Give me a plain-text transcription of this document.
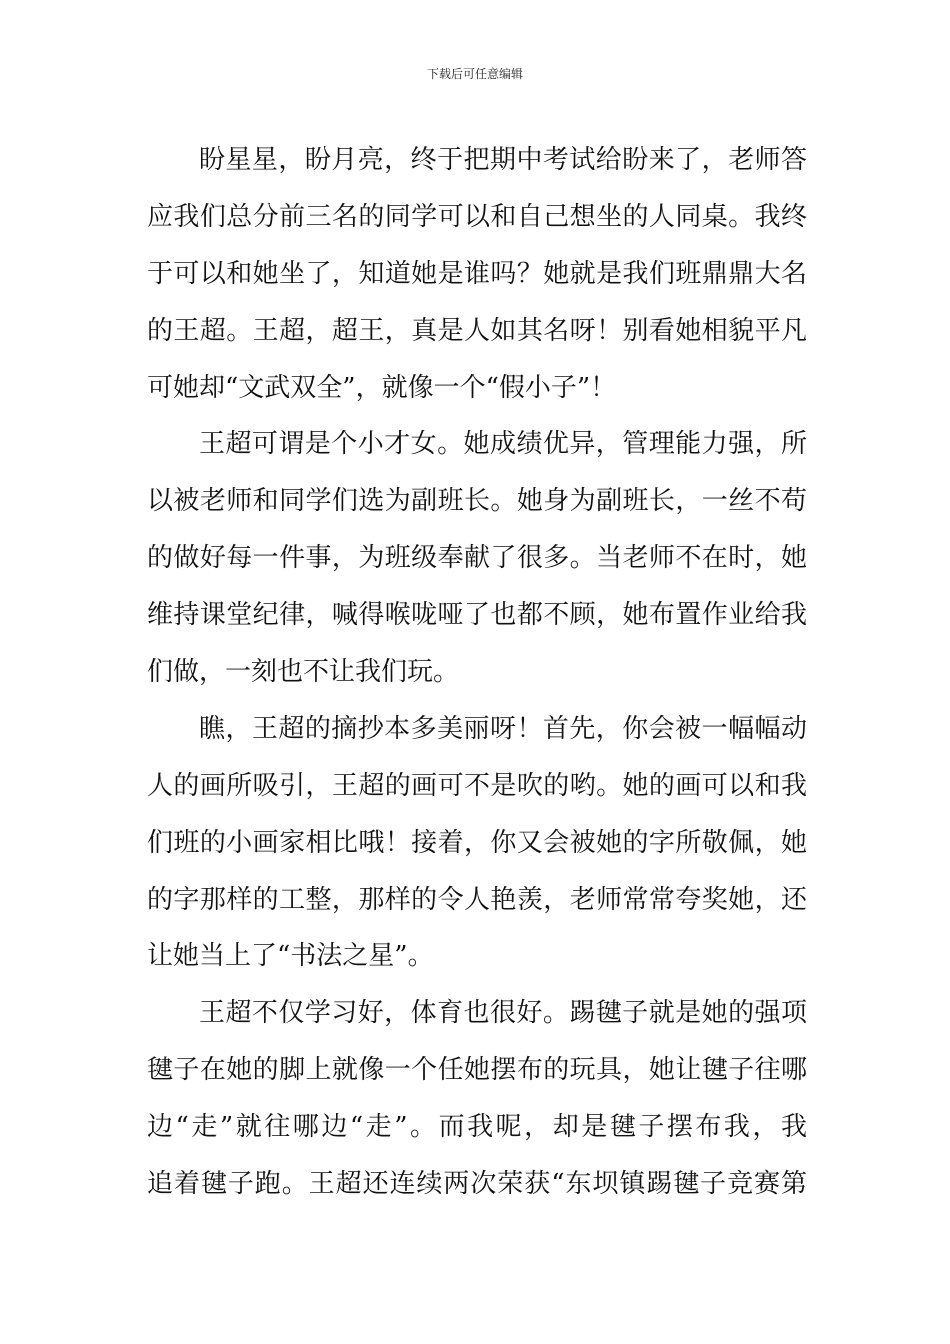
下载后可任意编辑
盼星星，盼月亮，终于把期中考试给盼来了，老师答
应我们总分前三名的同学可以和自己想坐的人同桌。我终
于可以和她坐了，知道她是谁吗？她就是我们班鼎鼎大名
的王超。王超，超王，真是人如其名呀！别看她相貌平凡
可她却“文武双全”，就像一个“假小子”！
王超可谓是个小才女。她成绩优异，管理能力强，所
以被老师和同学们选为副班长。她身为副班长，一丝不苟
的做好每一件事，为班级奉献了很多。当老师不在时，她
维持课堂纪律，喊得喉咙哑了也都不顾，她布置作业给我
们做，一刻也不让我们玩。
瞧，王超的摘抄本多美丽呀！首先，你会被一幅幅动
人的画所吸引，王超的画可不是吹的哟。她的画可以和我
们班的小画家相比哦！接着，你又会被她的字所敬佩，她
的字那样的工整，那样的令人艳羡，老师常常夸奖她，还
让她当上了“书法之星”。
王超不仅学习好，体育也很好。踢毽子就是她的强项
毽子在她的脚上就像一个任她摆布的玩具，她让毽子往哪
边“走”就往哪边“走”。而我呢，却是毽子摆布我，我
追着毽子跑。王超还连续两次荣获“东坝镇踢毽子竞赛第
